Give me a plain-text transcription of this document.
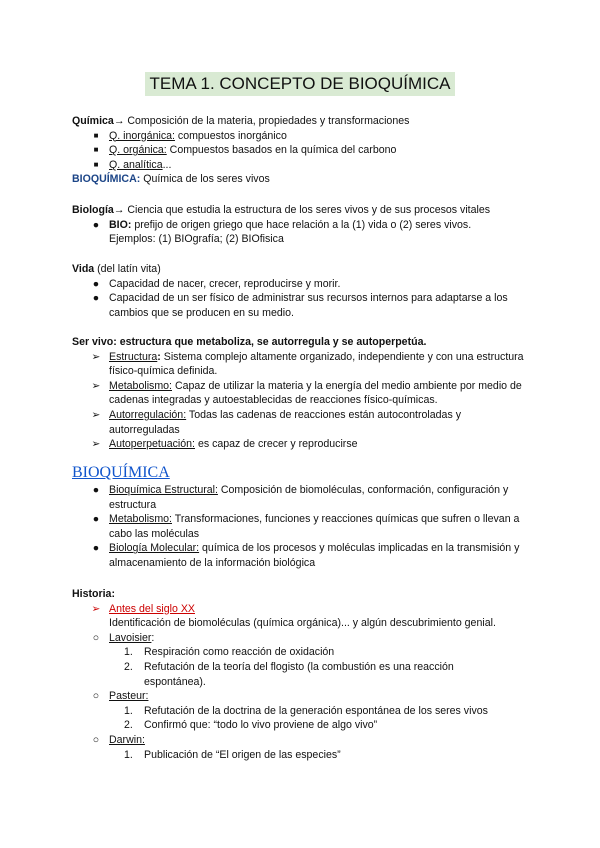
TEMA 1. CONCEPTO DE BIOQUÍMICA
Química→ Composición de la materia, propiedades y transformaciones
■ Q. inorgánica: compuestos inorgánico
■ Q. orgánica: Compuestos basados en la química del carbono
■ Q. analítica...
BIOQUÍMICA: Química de los seres vivos
Biología→ Ciencia que estudia la estructura de los seres vivos y de sus procesos vitales
● BIO: prefijo de origen griego que hace relación a la (1) vida o (2) seres vivos.
Ejemplos: (1) BIOgrafía; (2) BIOfisica
Vida (del latín vita)
● Capacidad de nacer, crecer, reproducirse y morir.
● Capacidad de un ser físico de administrar sus recursos internos para adaptarse a los cambios que se producen en su medio.
Ser vivo: estructura que metaboliza, se autorregula y se autoperpetúa.
➢ Estructura: Sistema complejo altamente organizado, independiente y con una estructura físico-química definida.
➢ Metabolismo: Capaz de utilizar la materia y la energía del medio ambiente por medio de cadenas integradas y autoestablecidas de reacciones físico-químicas.
➢ Autorregulación: Todas las cadenas de reacciones están autocontroladas y autorreguladas
➢ Autoperpetuación: es capaz de crecer y reproducirse
BIOQUÍMICA
● Bioquímica Estructural: Composición de biomoléculas, conformación, configuración y estructura
● Metabolismo: Transformaciones, funciones y reacciones químicas que sufren o llevan a cabo las moléculas
● Biología Molecular: química de los procesos y moléculas implicadas en la transmisión y almacenamiento de la información biológica
Historia:
➢ Antes del siglo XX
Identificación de biomoléculas (química orgánica)... y algún descubrimiento genial.
○ Lavoisier:
1.	Respiración como reacción de oxidación
2.	Refutación de la teoría del flogisto (la combustión es una reacción espontánea).
○ Pasteur:
1.	Refutación de la doctrina de la generación espontánea de los seres vivos
2.	Confirmó que: “todo lo vivo proviene de algo vivo”
○ Darwin:
1.	Publicación de “El origen de las especies”
